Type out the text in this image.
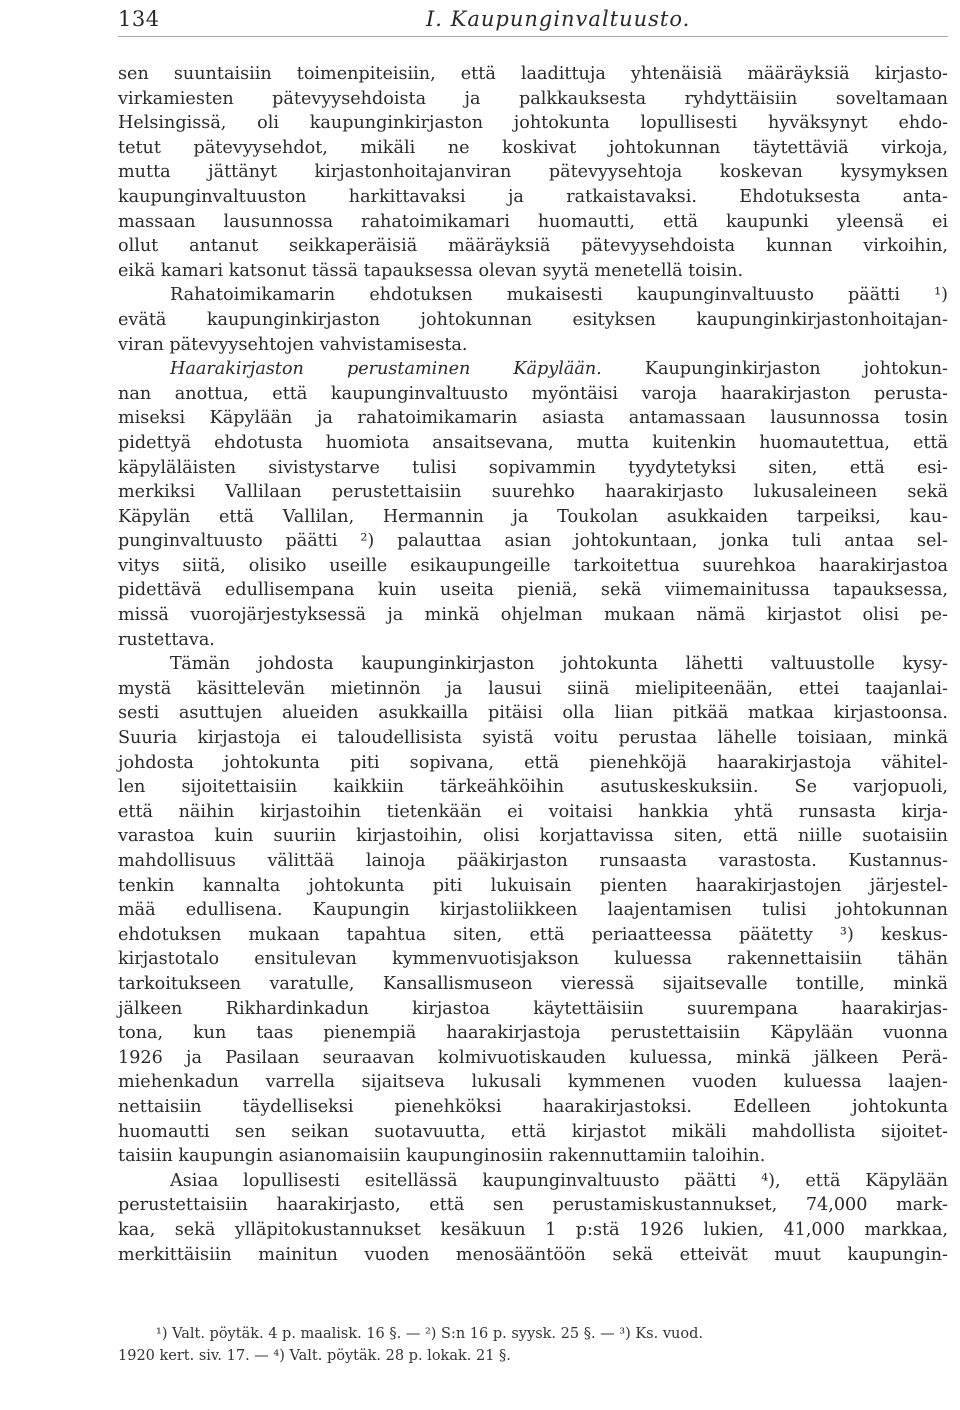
134	I. Kaupunginvaltuusto.
sen suuntaisiin toimenpiteisiin, että laadittuja yhtenäisiä määräyksiä kirjasto-
virkamiesten pätevyysehdoista ja palkkauksesta ryhdyttäisiin soveltamaan
Helsingissä, oli kaupunginkirjaston johtokunta lopullisesti hyväksynyt ehdo-
tetut pätevyysehdot, mikäli ne koskivat johtokunnan täytettäviä virkoja,
mutta jättänyt kirjastonhoitajanviran pätevyysehtoja koskevan kysymyksen
kaupunginvaltuuston harkittavaksi ja ratkaistavaksi. Ehdotuksesta anta-
massaan lausunnossa rahatoimikamari huomautti, että kaupunki yleensä ei
ollut antanut seikkaperäisiä määräyksiä pätevyysehdoista kunnan virkoihin,
eikä kamari katsonut tässä tapauksessa olevan syytä menetellä toisin.
Rahatoimikamarin ehdotuksen mukaisesti kaupunginvaltuusto päätti ¹)
evätä kaupunginkirjaston johtokunnan esityksen kaupunginkirjastonhoitajan-
viran pätevyysehtojen vahvistamisesta.
Haarakirjaston perustaminen Käpylään. Kaupunginkirjaston johtokun-
nan anottua, että kaupunginvaltuusto myöntäisi varoja haarakirjaston perusta-
miseksi Käpylään ja rahatoimikamarin asiasta antamassaan lausunnossa tosin
pidettyä ehdotusta huomiota ansaitsevana, mutta kuitenkin huomautettua, että
käpyläläisten sivistystarve tulisi sopivammin tyydytetyksi siten, että esi-
merkiksi Vallilaan perustettaisiin suurehko haarakirjasto lukusaleineen sekä
Käpylän että Vallilan, Hermannin ja Toukolan asukkaiden tarpeiksi, kau-
punginvaltuusto päätti ²) palauttaa asian johtokuntaan, jonka tuli antaa sel-
vitys siitä, olisiko useille esikaupungeille tarkoitettua suurehkoa haarakirjastoa
pidettävä edullisempana kuin useita pieniä, sekä viimemainitussa tapauksessa,
missä vuorojärjestyksessä ja minkä ohjelman mukaan nämä kirjastot olisi pe-
rustettava.
Tämän johdosta kaupunginkirjaston johtokunta lähetti valtuustolle kysy-
mystä käsittelevän mietinnön ja lausui siinä mielipiteenään, ettei taajanlai-
sesti asuttujen alueiden asukkailla pitäisi olla liian pitkää matkaa kirjastoonsa.
Suuria kirjastoja ei taloudellisista syistä voitu perustaa lähelle toisiaan, minkä
johdosta johtokunta piti sopivana, että pienehköjä haarakirjastoja vähitel-
len sijoitettaisiin kaikkiin tärkeähköihin asutuskeskuksiin. Se varjopuoli,
että näihin kirjastoihin tietenkään ei voitaisi hankkia yhtä runsasta kirja-
varastoa kuin suuriin kirjastoihin, olisi korjattavissa siten, että niille suotaisiin
mahdollisuus välittää lainoja pääkirjaston runsaasta varastosta. Kustannus-
tenkin kannalta johtokunta piti lukuisain pienten haarakirjastojen järjestel-
mää edullisena. Kaupungin kirjastoliikkeen laajentamisen tulisi johtokunnan
ehdotuksen mukaan tapahtua siten, että periaatteessa päätetty ³) keskus-
kirjastotalo ensitulevan kymmenvuotisjakson kuluessa rakennettaisiin tähän
tarkoitukseen varatulle, Kansallismuseon vieressä sijaitsevalle tontille, minkä
jälkeen Rikhardinkadun kirjastoa käytettäisiin suurempana haarakirjas-
tona, kun taas pienempiä haarakirjastoja perustettaisiin Käpylään vuonna
1926 ja Pasilaan seuraavan kolmivuotiskauden kuluessa, minkä jälkeen Perä-
miehenkadun varrella sijaitseva lukusali kymmenen vuoden kuluessa laajen-
nettaisiin täydelliseksi pienehköksi haarakirjastoksi. Edelleen johtokunta
huomautti sen seikan suotavuutta, että kirjastot mikäli mahdollista sijoitet-
taisiin kaupungin asianomaisiin kaupunginosiin rakennuttamiin taloihin.
Asiaa lopullisesti esitellässä kaupunginvaltuusto päätti ⁴), että Käpylään
perustettaisiin haarakirjasto, että sen perustamiskustannukset, 74,000 mark-
kaa, sekä ylläpitokustannukset kesäkuun 1 p:stä 1926 lukien, 41,000 markkaa,
merkittäisiin mainitun vuoden menosääntöön sekä etteivät muut kaupungin-
¹) Valt. pöytäk. 4 p. maalisk. 16 §. — ²) S:n 16 p. syysk. 25 §. — ³) Ks. vuod.
1920 kert. siv. 17. — ⁴) Valt. pöytäk. 28 p. lokak. 21 §.
